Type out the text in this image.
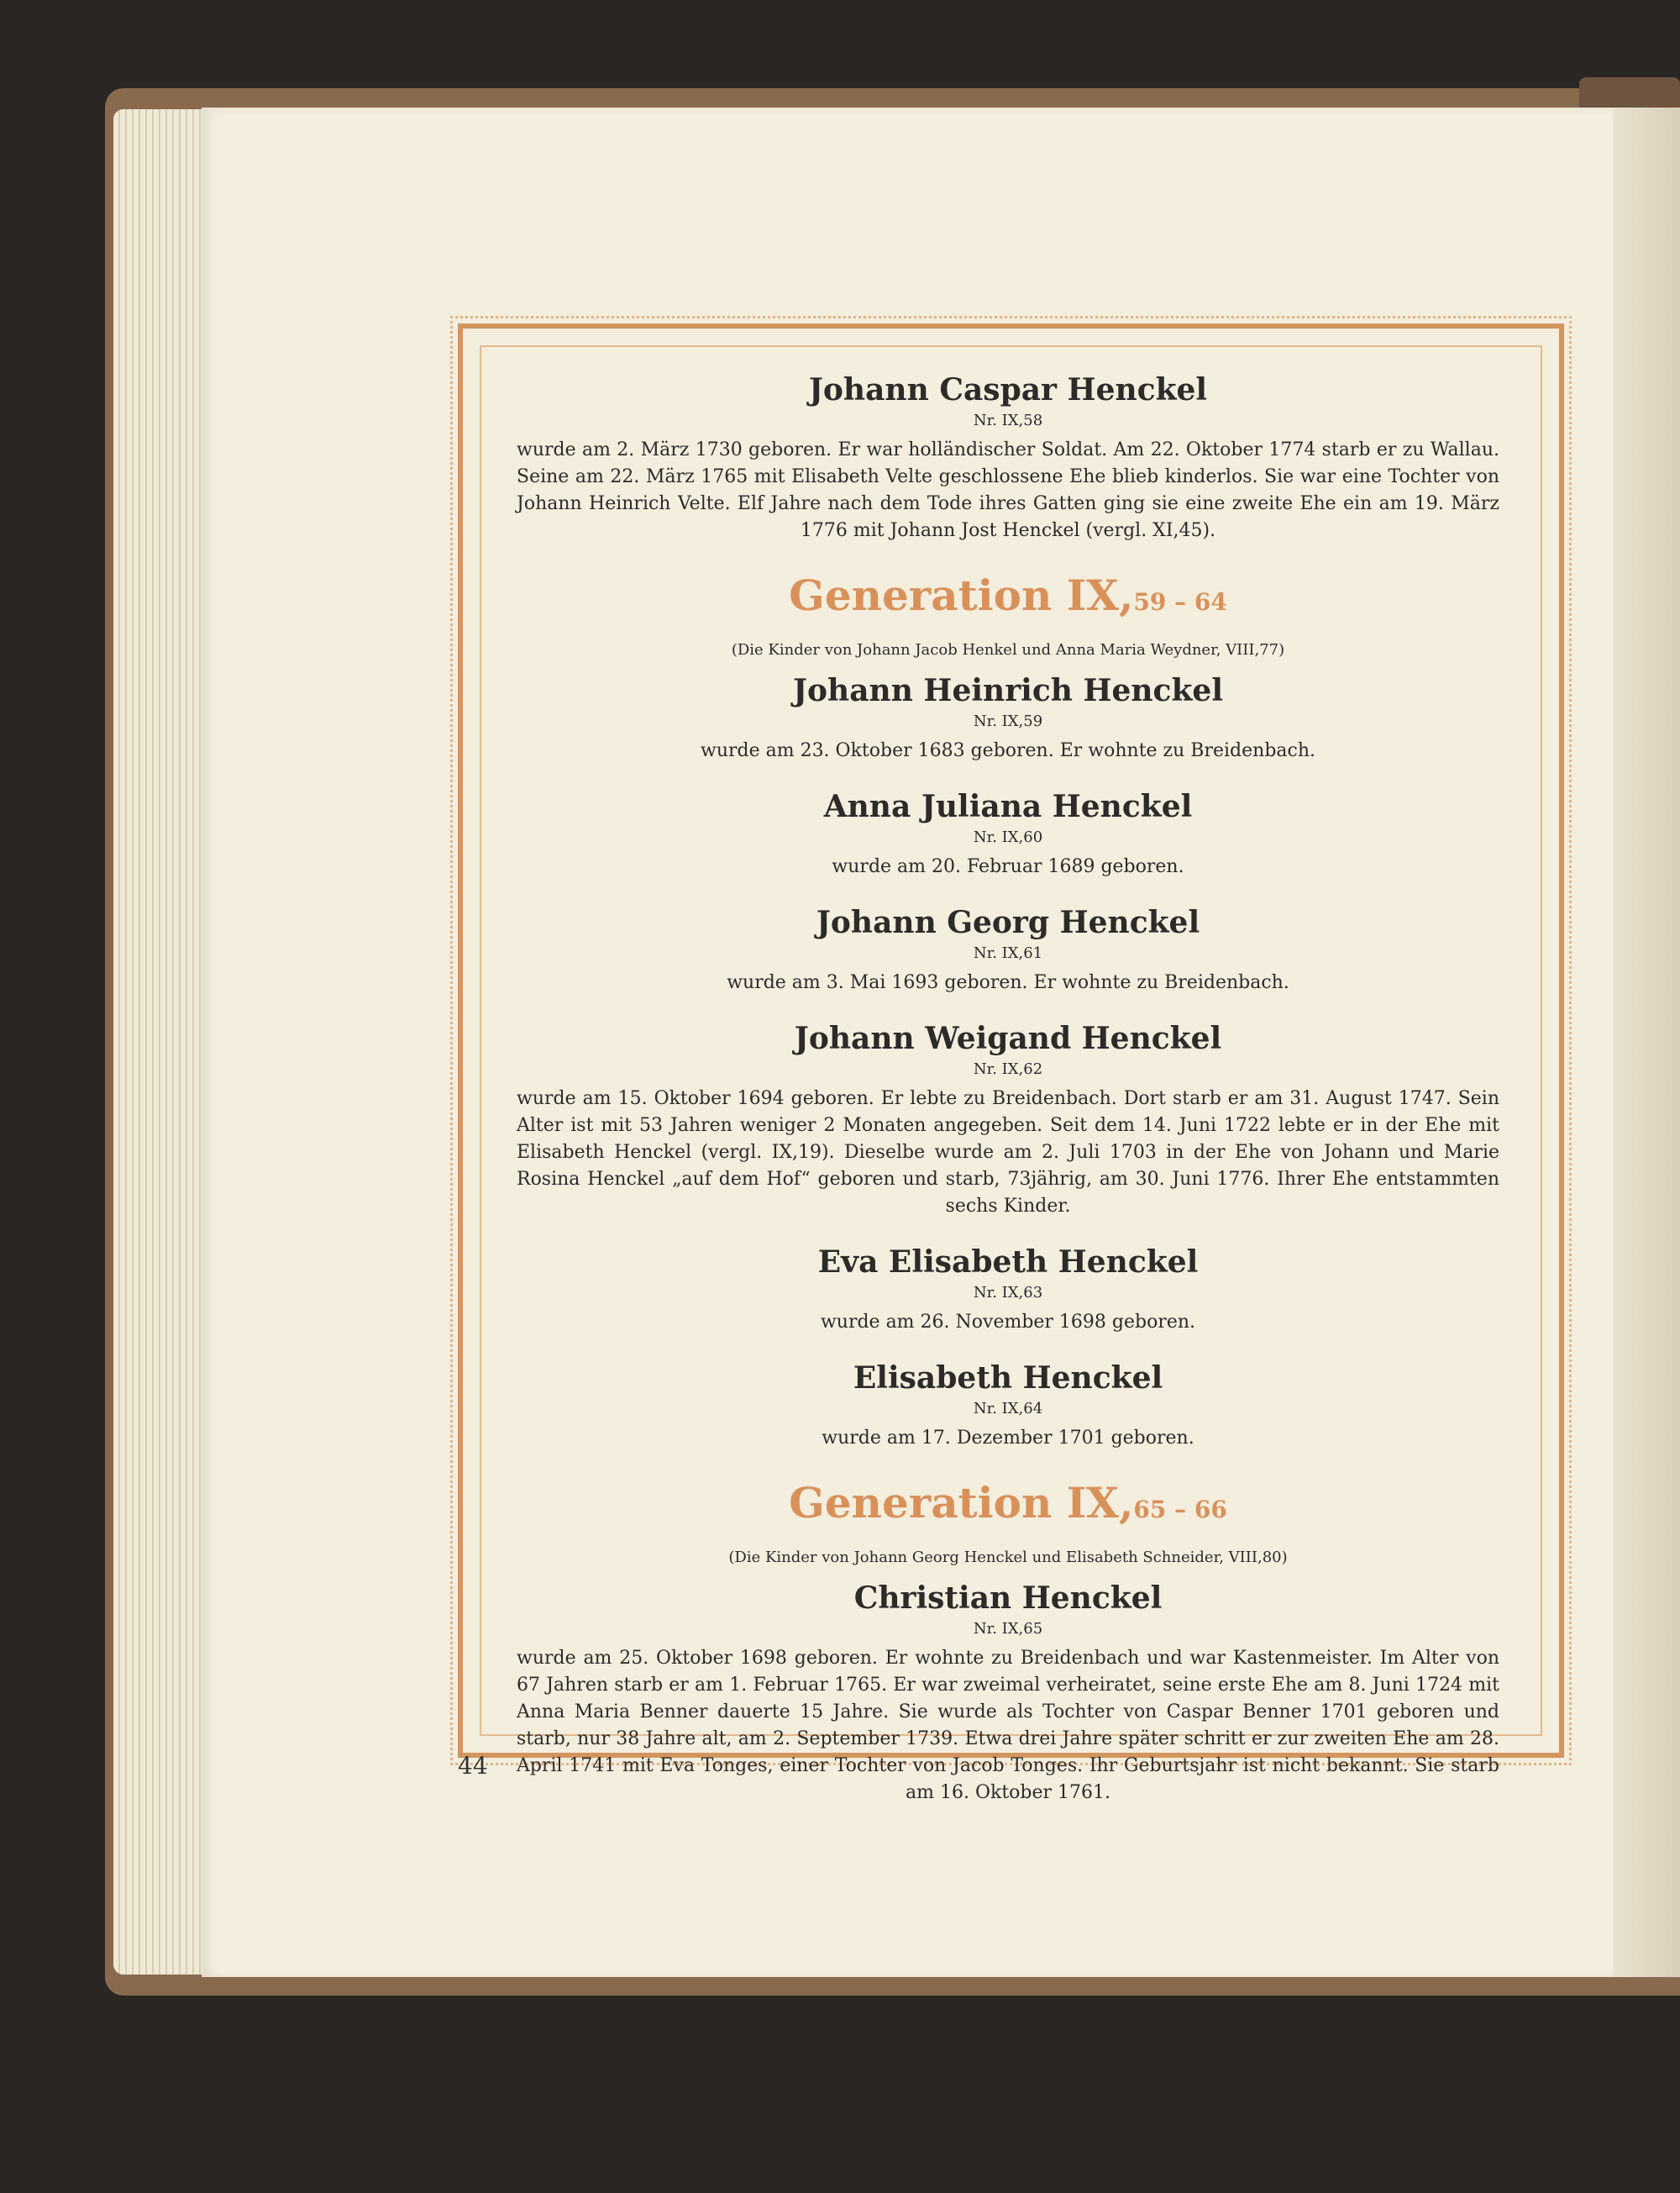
Johann Caspar Henckel

Nr. IX,58

wurde am 2. März 1730 geboren. Er war holländischer Soldat. Am 22. Oktober 1774 starb er zu Wallau. Seine am 22. März 1765 mit Elisabeth Velte geschlossene Ehe blieb kinderlos. Sie war eine Tochter von Johann Heinrich Velte. Elf Jahre nach dem Tode ihres Gatten ging sie eine zweite Ehe ein am 19. März 1776 mit Johann Jost Henckel (vergl. XI,45).

Generation IX,59 – 64

(Die Kinder von Johann Jacob Henkel und Anna Maria Weydner, VIII,77)

Johann Heinrich Henckel

Nr. IX,59

wurde am 23. Oktober 1683 geboren. Er wohnte zu Breidenbach.

Anna Juliana Henckel

Nr. IX,60

wurde am 20. Februar 1689 geboren.

Johann Georg Henckel

Nr. IX,61

wurde am 3. Mai 1693 geboren. Er wohnte zu Breidenbach.

Johann Weigand Henckel

Nr. IX,62

wurde am 15. Oktober 1694 geboren. Er lebte zu Breidenbach. Dort starb er am 31. August 1747. Sein Alter ist mit 53 Jahren weniger 2 Monaten angegeben. Seit dem 14. Juni 1722 lebte er in der Ehe mit Elisabeth Henckel (vergl. IX,19). Dieselbe wurde am 2. Juli 1703 in der Ehe von Johann und Marie Rosina Henckel „auf dem Hof“ geboren und starb, 73jährig, am 30. Juni 1776. Ihrer Ehe entstammten sechs Kinder.

Eva Elisabeth Henckel

Nr. IX,63

wurde am 26. November 1698 geboren.

Elisabeth Henckel

Nr. IX,64

wurde am 17. Dezember 1701 geboren.

Generation IX,65 – 66

(Die Kinder von Johann Georg Henckel und Elisabeth Schneider, VIII,80)

Christian Henckel

Nr. IX,65

wurde am 25. Oktober 1698 geboren. Er wohnte zu Breidenbach und war Kastenmeister. Im Alter von 67 Jahren starb er am 1. Februar 1765. Er war zweimal verheiratet, seine erste Ehe am 8. Juni 1724 mit Anna Maria Benner dauerte 15 Jahre. Sie wurde als Tochter von Caspar Benner 1701 geboren und starb, nur 38 Jahre alt, am 2. September 1739. Etwa drei Jahre später schritt er zur zweiten Ehe am 28. April 1741 mit Eva Tonges, einer Tochter von Jacob Tonges. Ihr Geburtsjahr ist nicht bekannt. Sie starb am 16. Oktober 1761.

44
